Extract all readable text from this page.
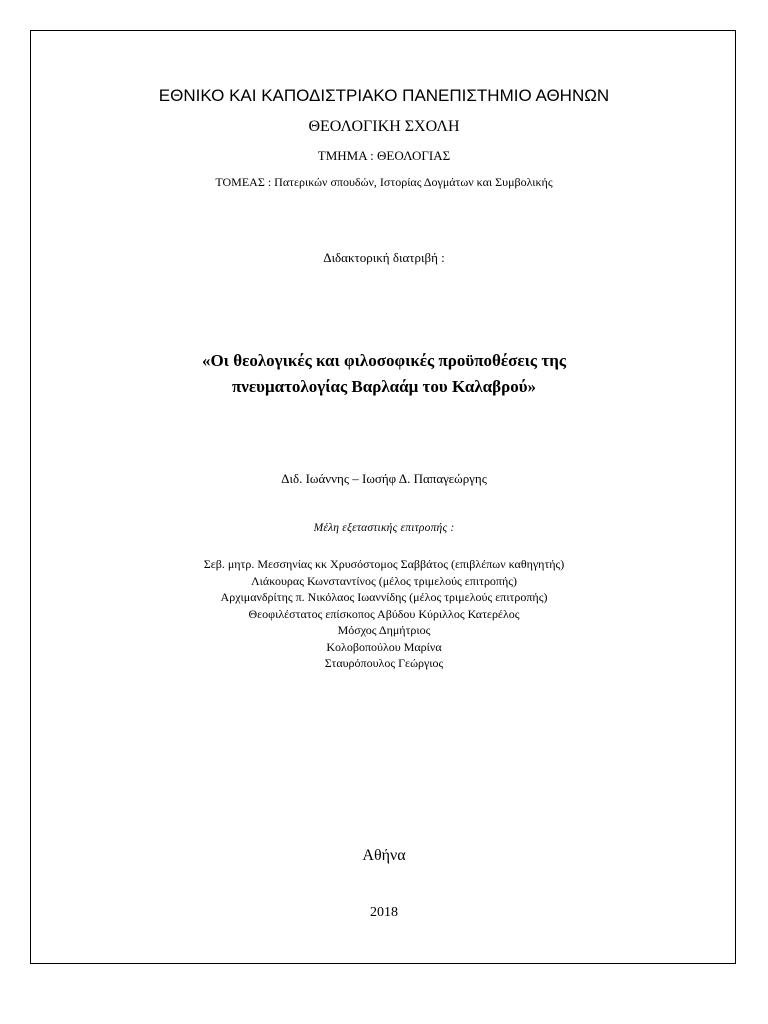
ΕΘΝΙΚΟ ΚΑΙ ΚΑΠΟΔΙΣΤΡΙΑΚΟ ΠΑΝΕΠΙΣΤΗΜΙΟ ΑΘΗΝΩΝ
ΘΕΟΛΟΓΙΚΗ ΣΧΟΛΗ
ΤΜΗΜΑ : ΘΕΟΛΟΓΙΑΣ
ΤΟΜΕΑΣ : Πατερικών σπουδών, Ιστορίας Δογμάτων και Συμβολικής
Διδακτορική διατριβή :
«Οι θεολογικές και φιλοσοφικές προϋποθέσεις της
πνευματολογίας Βαρλαάμ του Καλαβρού»
Διδ. Ιωάννης – Ιωσήφ Δ. Παπαγεώργης
Μέλη εξεταστικής επιτροπής :
Σεβ. μητρ. Μεσσηνίας κκ Χρυσόστομος Σαββάτος (επιβλέπων καθηγητής)
Λιάκουρας Κωνσταντίνος (μέλος τριμελούς επιτροπής)
Αρχιμανδρίτης π. Νικόλαος Ιωαννίδης (μέλος τριμελούς επιτροπής)
Θεοφιλέστατος επίσκοπος Αβύδου Κύριλλος Κατερέλος
Μόσχος Δημήτριος
Κολοβοπούλου Μαρίνα
Σταυρόπουλος Γεώργιος
Αθήνα
2018
